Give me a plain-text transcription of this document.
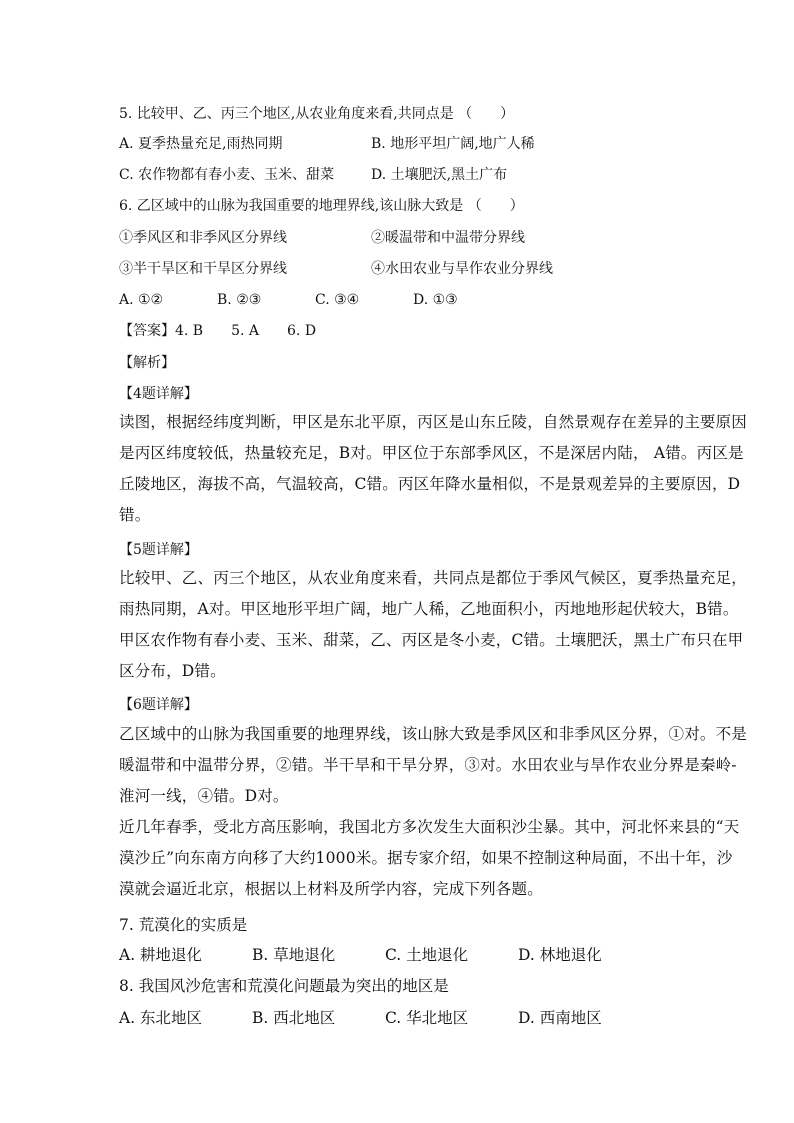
5. 比较甲、乙、丙三个地区,从农业角度来看,共同点是 （　　）
A. 夏季热量充足,雨热同期	B. 地形平坦广阔,地广人稀
C. 农作物都有春小麦、玉米、甜菜	D. 土壤肥沃,黑土广布
6. 乙区域中的山脉为我国重要的地理界线,该山脉大致是 （　　）
①季风区和非季风区分界线	②暖温带和中温带分界线
③半干旱区和干旱区分界线	④水田农业与旱作农业分界线
A. ①②	B. ②③	C. ③④	D. ①③
【答案】4. B　　5. A　　6. D
【解析】
【4题详解】
读图，根据经纬度判断，甲区是东北平原，丙区是山东丘陵，自然景观存在差异的主要原因
是丙区纬度较低，热量较充足，B对。甲区位于东部季风区，不是深居内陆， A错。丙区是
丘陵地区，海拔不高，气温较高，C错。丙区年降水量相似，不是景观差异的主要原因，D
错。
【5题详解】
比较甲、乙、丙三个地区，从农业角度来看，共同点是都位于季风气候区，夏季热量充足，
雨热同期，A对。甲区地形平坦广阔，地广人稀，乙地面积小，丙地地形起伏较大，B错。
甲区农作物有春小麦、玉米、甜菜，乙、丙区是冬小麦，C错。土壤肥沃，黑土广布只在甲
区分布，D错。
【6题详解】
乙区域中的山脉为我国重要的地理界线，该山脉大致是季风区和非季风区分界，①对。不是
暖温带和中温带分界，②错。半干旱和干旱分界，③对。水田农业与旱作农业分界是秦岭-
淮河一线，④错。D对。
近几年春季，受北方高压影响，我国北方多次发生大面积沙尘暴。其中，河北怀来县的“天
漠沙丘”向东南方向移了大约1000米。据专家介绍，如果不控制这种局面，不出十年，沙
漠就会逼近北京，根据以上材料及所学内容，完成下列各题。
7. 荒漠化的实质是
A. 耕地退化	B. 草地退化	C. 土地退化	D. 林地退化
8. 我国风沙危害和荒漠化问题最为突出的地区是
A. 东北地区	B. 西北地区	C. 华北地区	D. 西南地区
